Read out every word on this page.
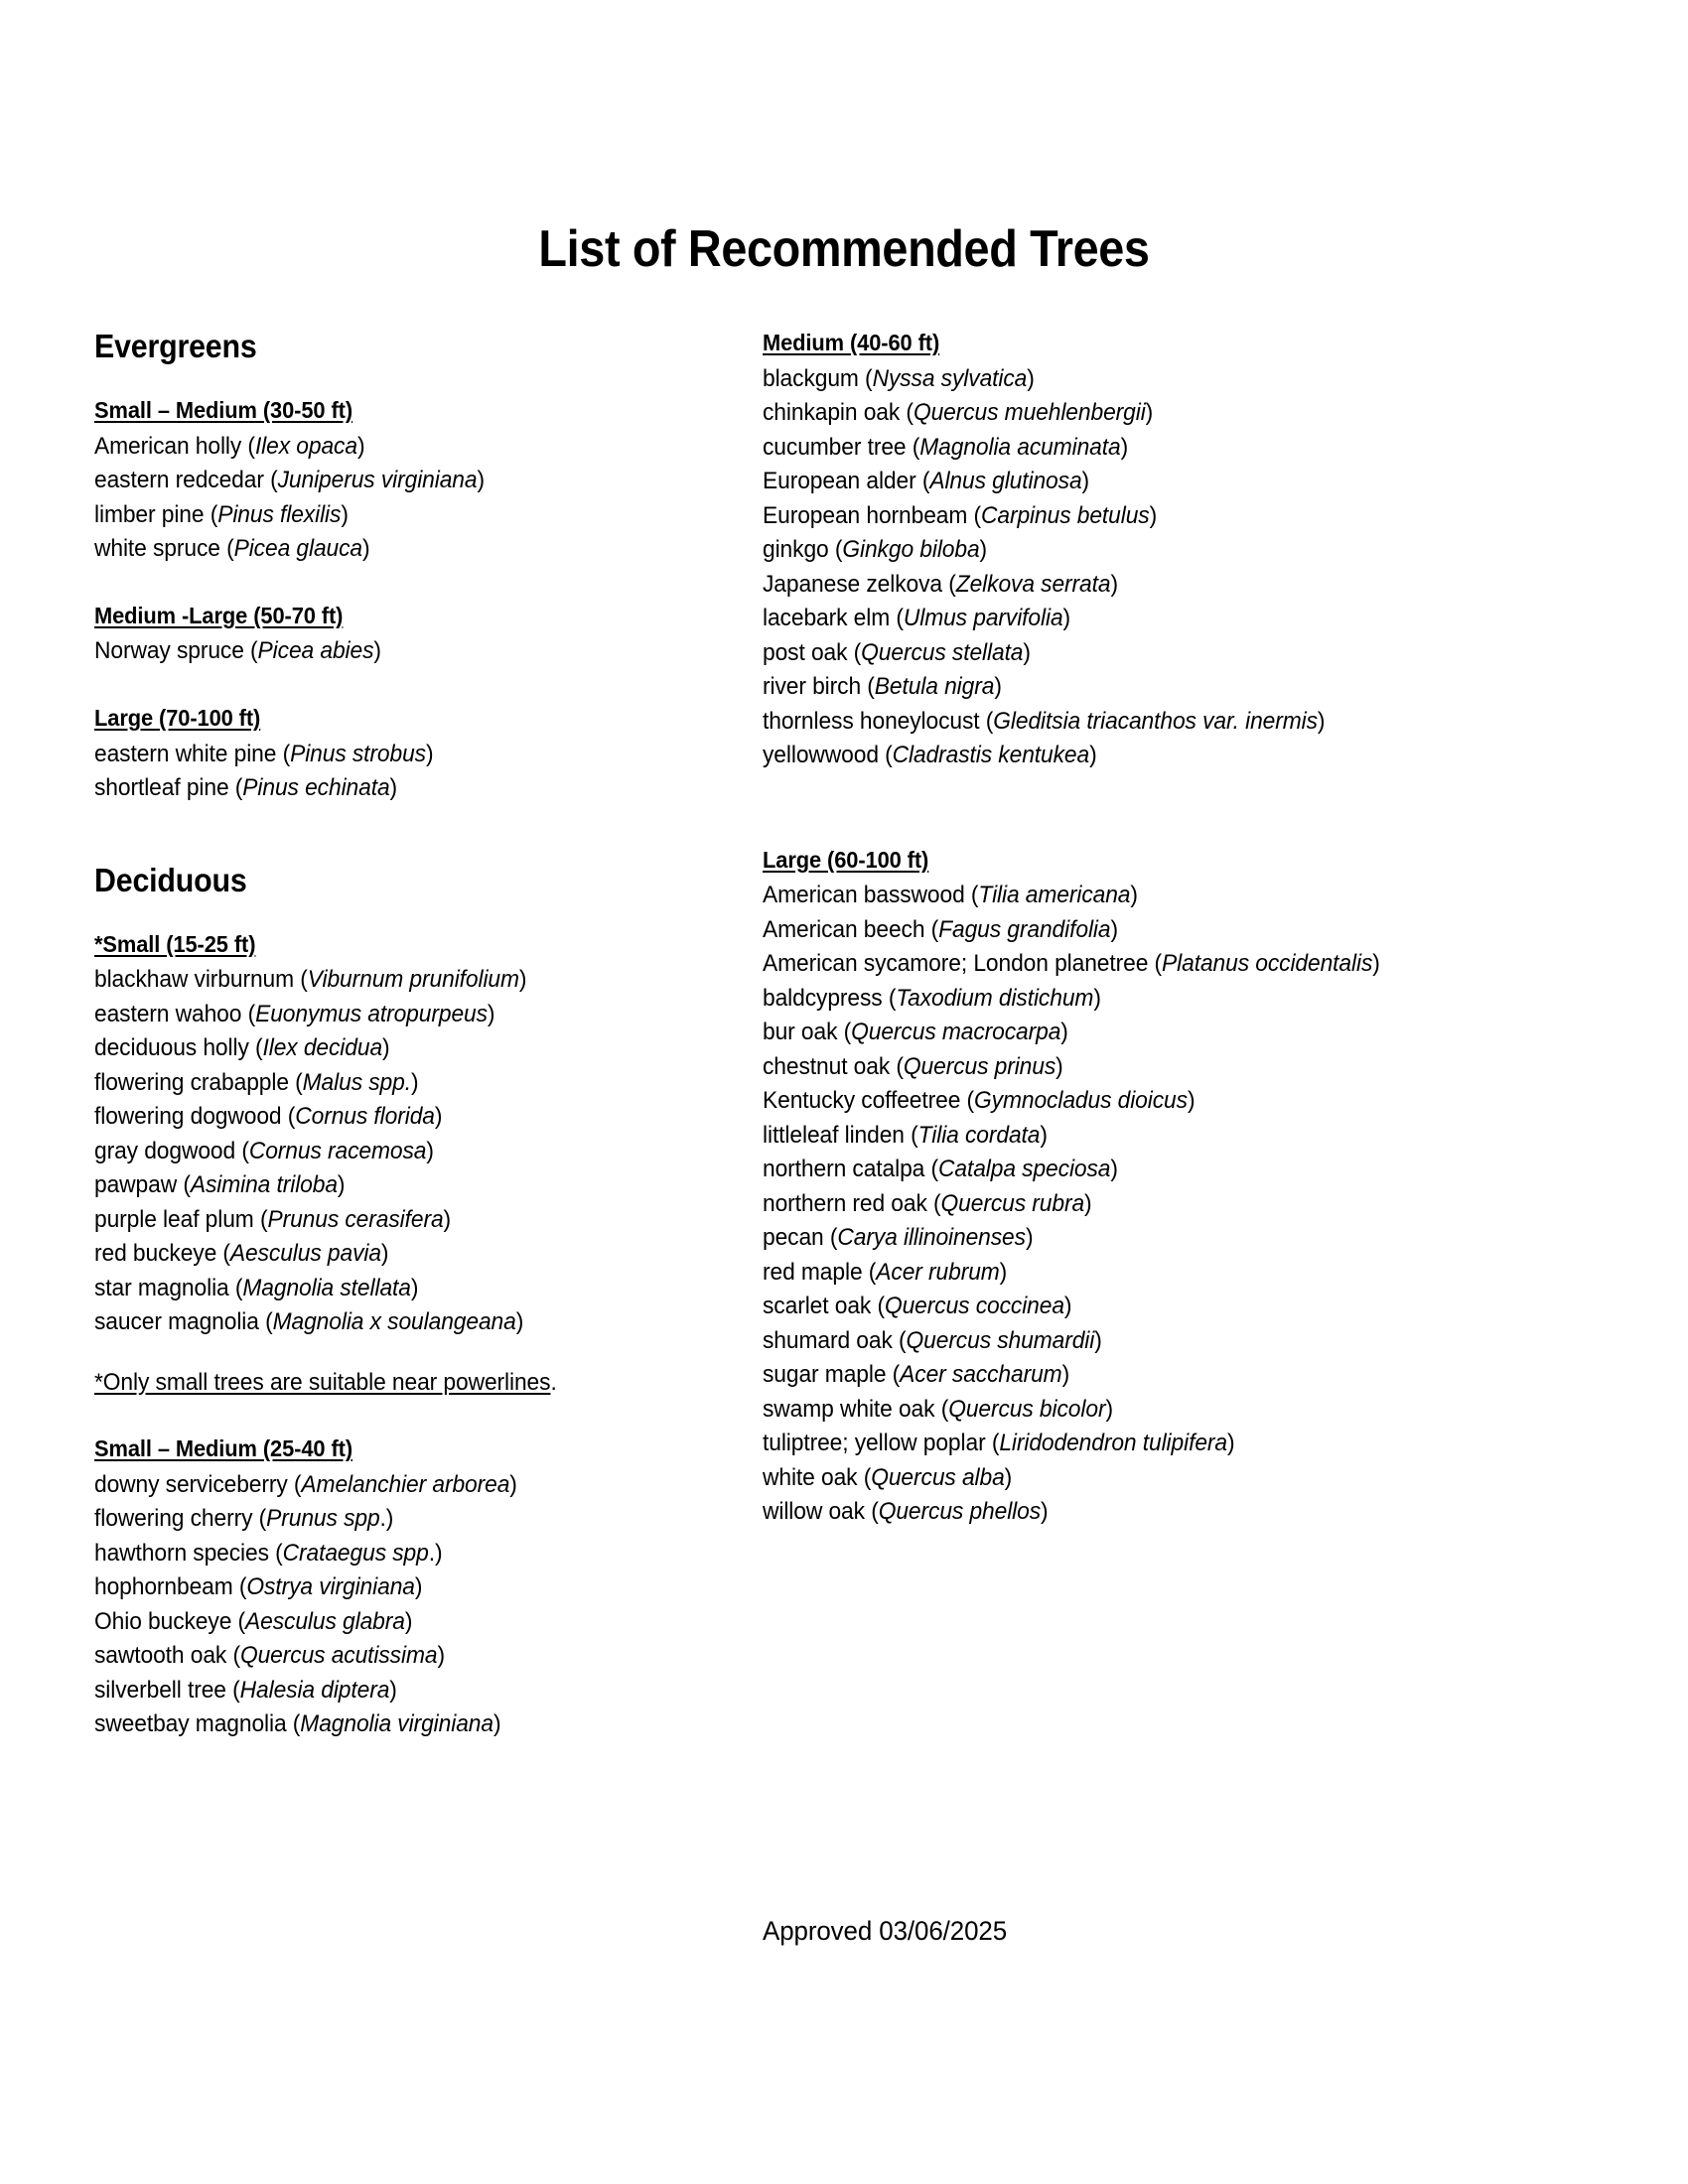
List of Recommended Trees
Evergreens
Small – Medium (30-50 ft)
American holly (Ilex opaca)
eastern redcedar (Juniperus virginiana)
limber pine (Pinus flexilis)
white spruce (Picea glauca)
Medium -Large (50-70 ft)
Norway spruce (Picea abies)
Large (70-100 ft)
eastern white pine (Pinus strobus)
shortleaf pine (Pinus echinata)
Deciduous
*Small (15-25 ft)
blackhaw virburnum (Viburnum prunifolium)
eastern wahoo (Euonymus atropurpeus)
deciduous holly (Ilex decidua)
flowering crabapple (Malus spp.)
flowering dogwood (Cornus florida)
gray dogwood (Cornus racemosa)
pawpaw (Asimina triloba)
purple leaf plum (Prunus cerasifera)
red buckeye (Aesculus pavia)
star magnolia (Magnolia stellata)
saucer magnolia (Magnolia x soulangeana)

*Only small trees are suitable near powerlines.

Small – Medium (25-40 ft)
downy serviceberry (Amelanchier arborea)
flowering cherry (Prunus spp.)
hawthorn species (Crataegus spp.)
hophornbeam (Ostrya virginiana)
Ohio buckeye (Aesculus glabra)
sawtooth oak (Quercus acutissima)
silverbell tree (Halesia diptera)
sweetbay magnolia (Magnolia virginiana)
Medium (40-60 ft)
blackgum (Nyssa sylvatica)
chinkapin oak (Quercus muehlenbergii)
cucumber tree (Magnolia acuminata)
European alder (Alnus glutinosa)
European hornbeam (Carpinus betulus)
ginkgo (Ginkgo biloba)
Japanese zelkova (Zelkova serrata)
lacebark elm (Ulmus parvifolia)
post oak (Quercus stellata)
river birch (Betula nigra)
thornless honeylocust (Gleditsia triacanthos var. inermis)
yellowwood (Cladrastis kentukea)
Large (60-100 ft)
American basswood (Tilia americana)
American beech (Fagus grandifolia)
American sycamore; London planetree (Platanus occidentalis)
baldcypress (Taxodium distichum)
bur oak (Quercus macrocarpa)
chestnut oak (Quercus prinus)
Kentucky coffeetree (Gymnocladus dioicus)
littleleaf linden (Tilia cordata)
northern catalpa (Catalpa speciosa)
northern red oak (Quercus rubra)
pecan (Carya illinoinenses)
red maple (Acer rubrum)
scarlet oak (Quercus coccinea)
shumard oak (Quercus shumardii)
sugar maple (Acer saccharum)
swamp white oak (Quercus bicolor)
tuliptree; yellow poplar (Liridodendron tulipifera)
white oak (Quercus alba)
willow oak (Quercus phellos)
Approved 03/06/2025
